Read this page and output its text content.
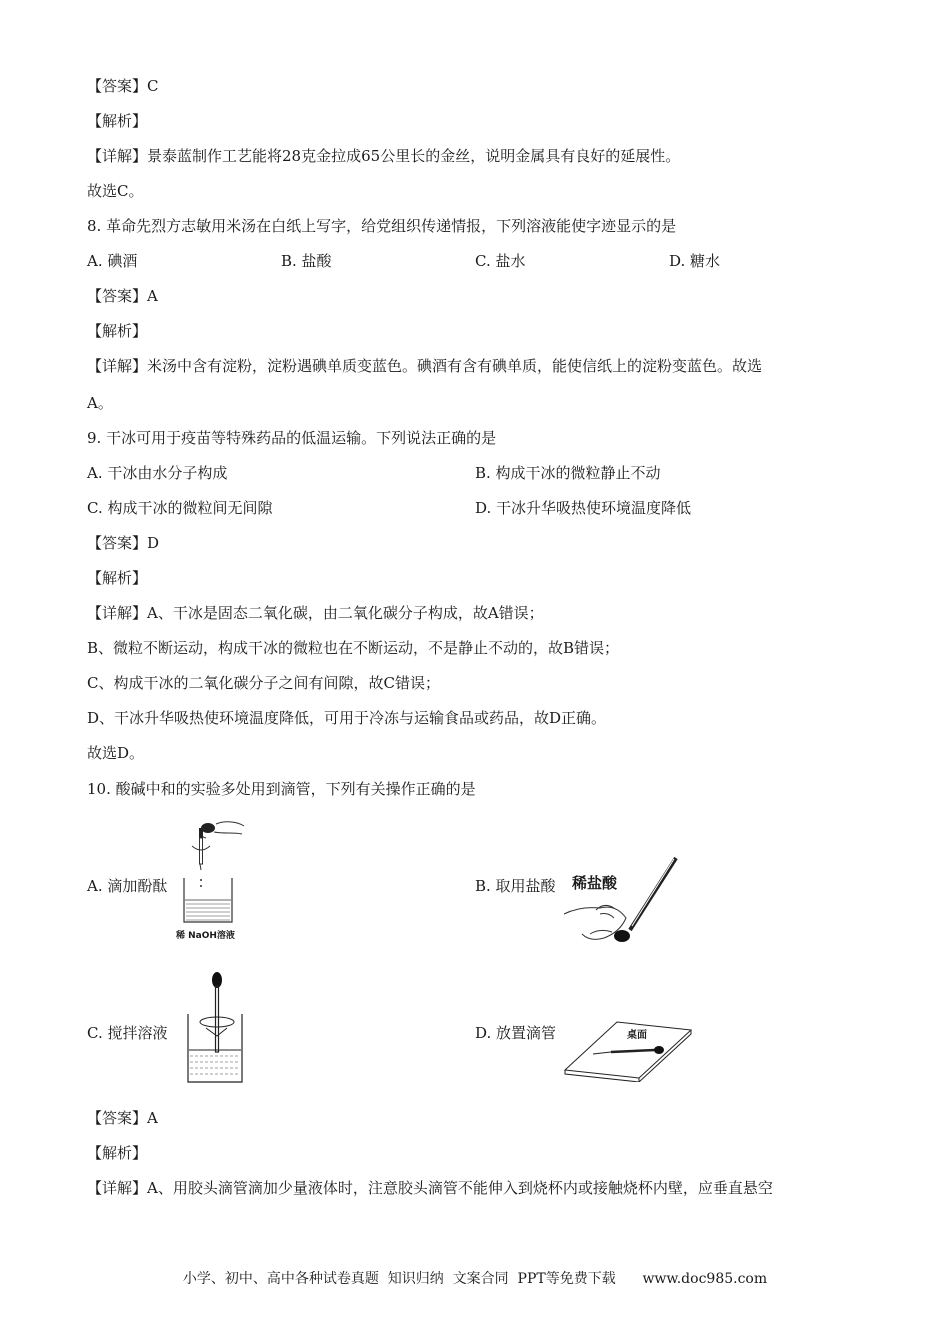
【答案】C
【解析】
【详解】景泰蓝制作工艺能将28克金拉成65公里长的金丝，说明金属具有良好的延展性。
故选C。
8. 革命先烈方志敏用米汤在白纸上写字，给党组织传递情报，下列溶液能使字迹显示的是
A. 碘酒	B. 盐酸	C. 盐水	D. 糖水
【答案】A
【解析】
【详解】米汤中含有淀粉，淀粉遇碘单质变蓝色。碘酒有含有碘单质，能使信纸上的淀粉变蓝色。故选
A。
9. 干冰可用于疫苗等特殊药品的低温运输。下列说法正确的是
A. 干冰由水分子构成	B. 构成干冰的微粒静止不动
C. 构成干冰的微粒间无间隙	D. 干冰升华吸热使环境温度降低
【答案】D
【解析】
【详解】A、干冰是固态二氧化碳，由二氧化碳分子构成，故A错误；
B、微粒不断运动，构成干冰的微粒也在不断运动，不是静止不动的，故B错误；
C、构成干冰的二氧化碳分子之间有间隙，故C错误；
D、干冰升华吸热使环境温度降低，可用于冷冻与运输食品或药品，故D正确。
故选D。
10. 酸碱中和的实验多处用到滴管，下列有关操作正确的是
A. 滴加酚酞	B. 取用盐酸
C. 搅拌溶液	D. 放置滴管
稀 NaOH溶液
稀盐酸
桌面
【答案】A
【解析】
【详解】A、用胶头滴管滴加少量液体时，注意胶头滴管不能伸入到烧杯内或接触烧杯内壁，应垂直悬空
小学、初中、高中各种试卷真题  知识归纳  文案合同  PPT等免费下载      www.doc985.com
